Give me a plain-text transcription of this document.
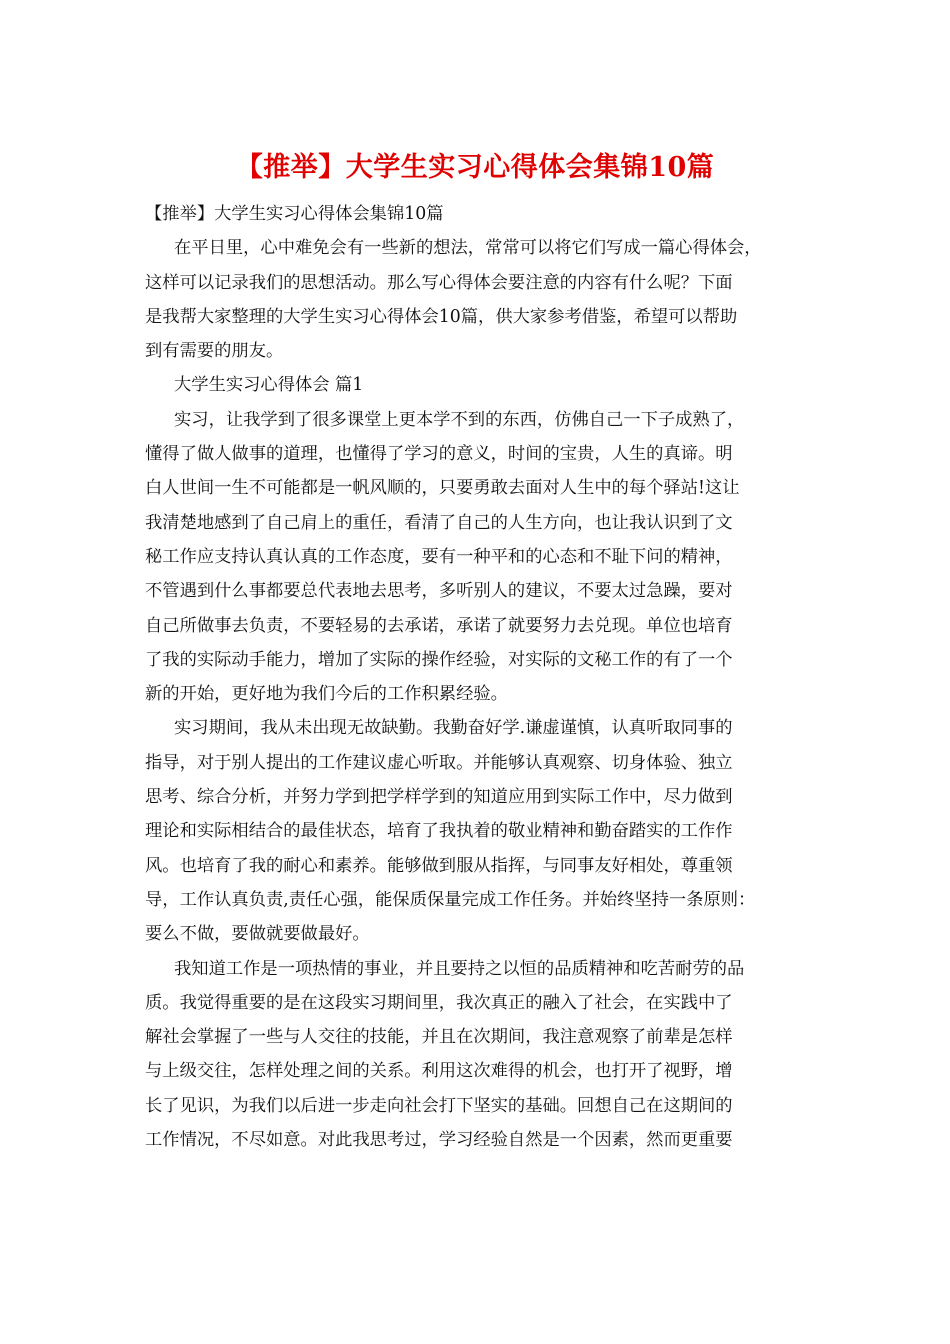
【推举】大学生实习心得体会集锦10篇
【推举】大学生实习心得体会集锦10篇
在平日里，心中难免会有一些新的想法，常常可以将它们写成一篇心得体会，
这样可以记录我们的思想活动。那么写心得体会要注意的内容有什么呢？下面
是我帮大家整理的大学生实习心得体会10篇，供大家参考借鉴，希望可以帮助
到有需要的朋友。
大学生实习心得体会 篇1
实习，让我学到了很多课堂上更本学不到的东西，仿佛自己一下子成熟了，
懂得了做人做事的道理，也懂得了学习的意义，时间的宝贵，人生的真谛。明
白人世间一生不可能都是一帆风顺的，只要勇敢去面对人生中的每个驿站!这让
我清楚地感到了自己肩上的重任，看清了自己的人生方向，也让我认识到了文
秘工作应支持认真认真的工作态度，要有一种平和的心态和不耻下问的精神，
不管遇到什么事都要总代表地去思考，多听别人的建议，不要太过急躁，要对
自己所做事去负责，不要轻易的去承诺，承诺了就要努力去兑现。单位也培育
了我的实际动手能力，增加了实际的操作经验，对实际的文秘工作的有了一个
新的开始，更好地为我们今后的工作积累经验。
实习期间，我从未出现无故缺勤。我勤奋好学.谦虚谨慎，认真听取同事的
指导，对于别人提出的工作建议虚心听取。并能够认真观察、切身体验、独立
思考、综合分析，并努力学到把学样学到的知道应用到实际工作中，尽力做到
理论和实际相结合的最佳状态，培育了我执着的敬业精神和勤奋踏实的工作作
风。也培育了我的耐心和素养。能够做到服从指挥，与同事友好相处，尊重领
导，工作认真负责,责任心强，能保质保量完成工作任务。并始终坚持一条原则：
要么不做，要做就要做最好。
我知道工作是一项热情的事业，并且要持之以恒的品质精神和吃苦耐劳的品
质。我觉得重要的是在这段实习期间里，我次真正的融入了社会，在实践中了
解社会掌握了一些与人交往的技能，并且在次期间，我注意观察了前辈是怎样
与上级交往，怎样处理之间的关系。利用这次难得的机会，也打开了视野，增
长了见识，为我们以后进一步走向社会打下坚实的基础。回想自己在这期间的
工作情况，不尽如意。对此我思考过，学习经验自然是一个因素，然而更重要
